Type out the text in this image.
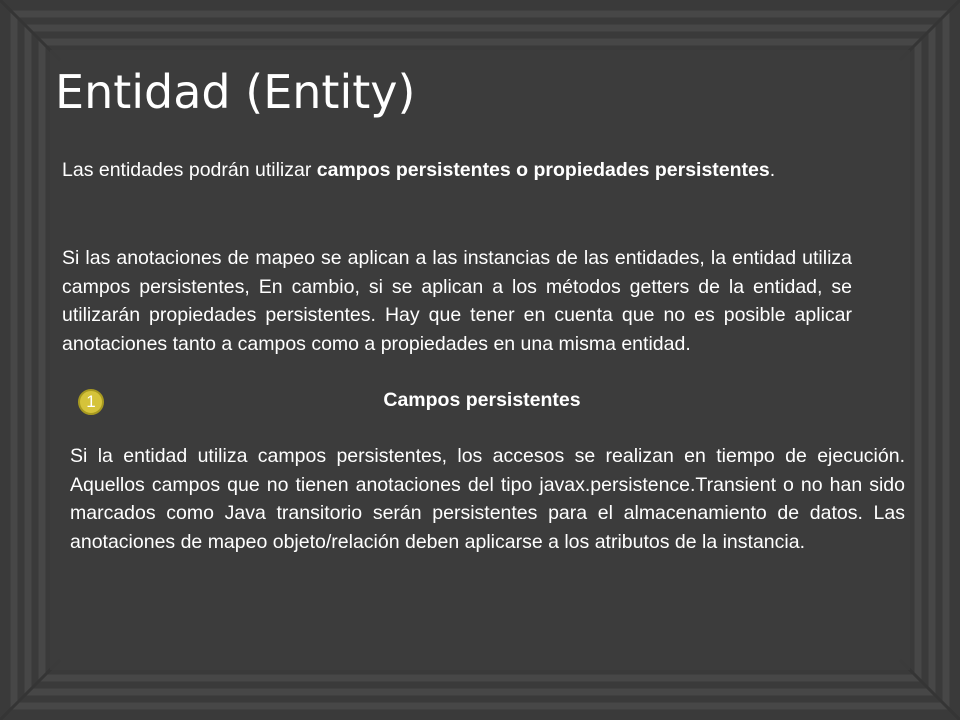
Entidad (Entity)

Las entidades podrán utilizar campos persistentes o propiedades persistentes.

Si las anotaciones de mapeo se aplican a las instancias de las entidades, la entidad utiliza campos persistentes, En cambio, si se aplican a los métodos getters de la entidad, se utilizarán propiedades persistentes. Hay que tener en cuenta que no es posible aplicar anotaciones tanto a campos como a propiedades en una misma entidad.

1	Campos persistentes

Si la entidad utiliza campos persistentes, los accesos se realizan en tiempo de ejecución. Aquellos campos que no tienen anotaciones del tipo javax.persistence.Transient o no han sido marcados como Java transitorio serán persistentes para el almacenamiento de datos. Las anotaciones de mapeo objeto/relación deben aplicarse a los atributos de la instancia.
